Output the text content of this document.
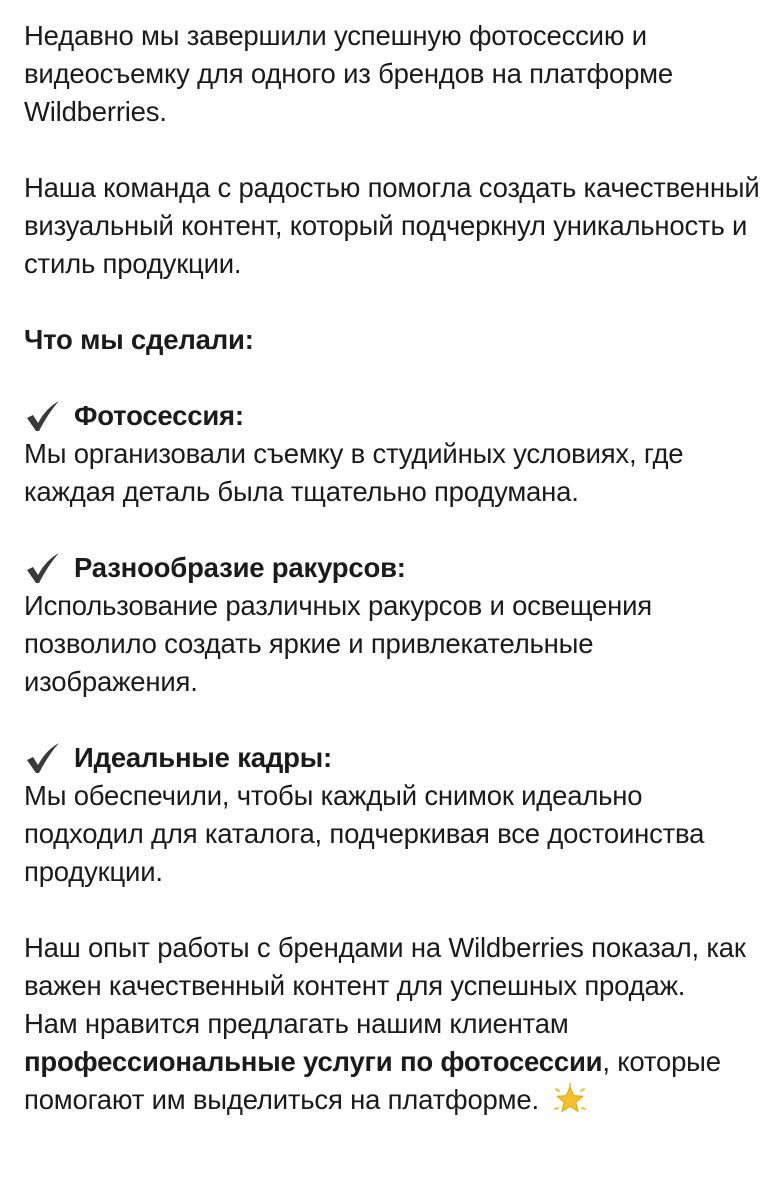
Недавно мы завершили успешную фотосессию и видеосъемку для одного из брендов на платформе Wildberries.

Наша команда с радостью помогла создать качественный визуальный контент, который подчеркнул уникальность и стиль продукции.

Что мы сделали:

Фотосессия:

Мы организовали съемку в студийных условиях, где каждая деталь была тщательно продумана.

Разнообразие ракурсов:

Использование различных ракурсов и освещения позволило создать яркие и привлекательные изображения.

Идеальные кадры:

Мы обеспечили, чтобы каждый снимок идеально подходил для каталога, подчеркивая все достоинства продукции.

Наш опыт работы с брендами на Wildberries показал, как важен качественный контент для успешных продаж.

Нам нравится предлагать нашим клиентам профессиональные услуги по фотосессии, которые помогают им выделиться на платформе.
